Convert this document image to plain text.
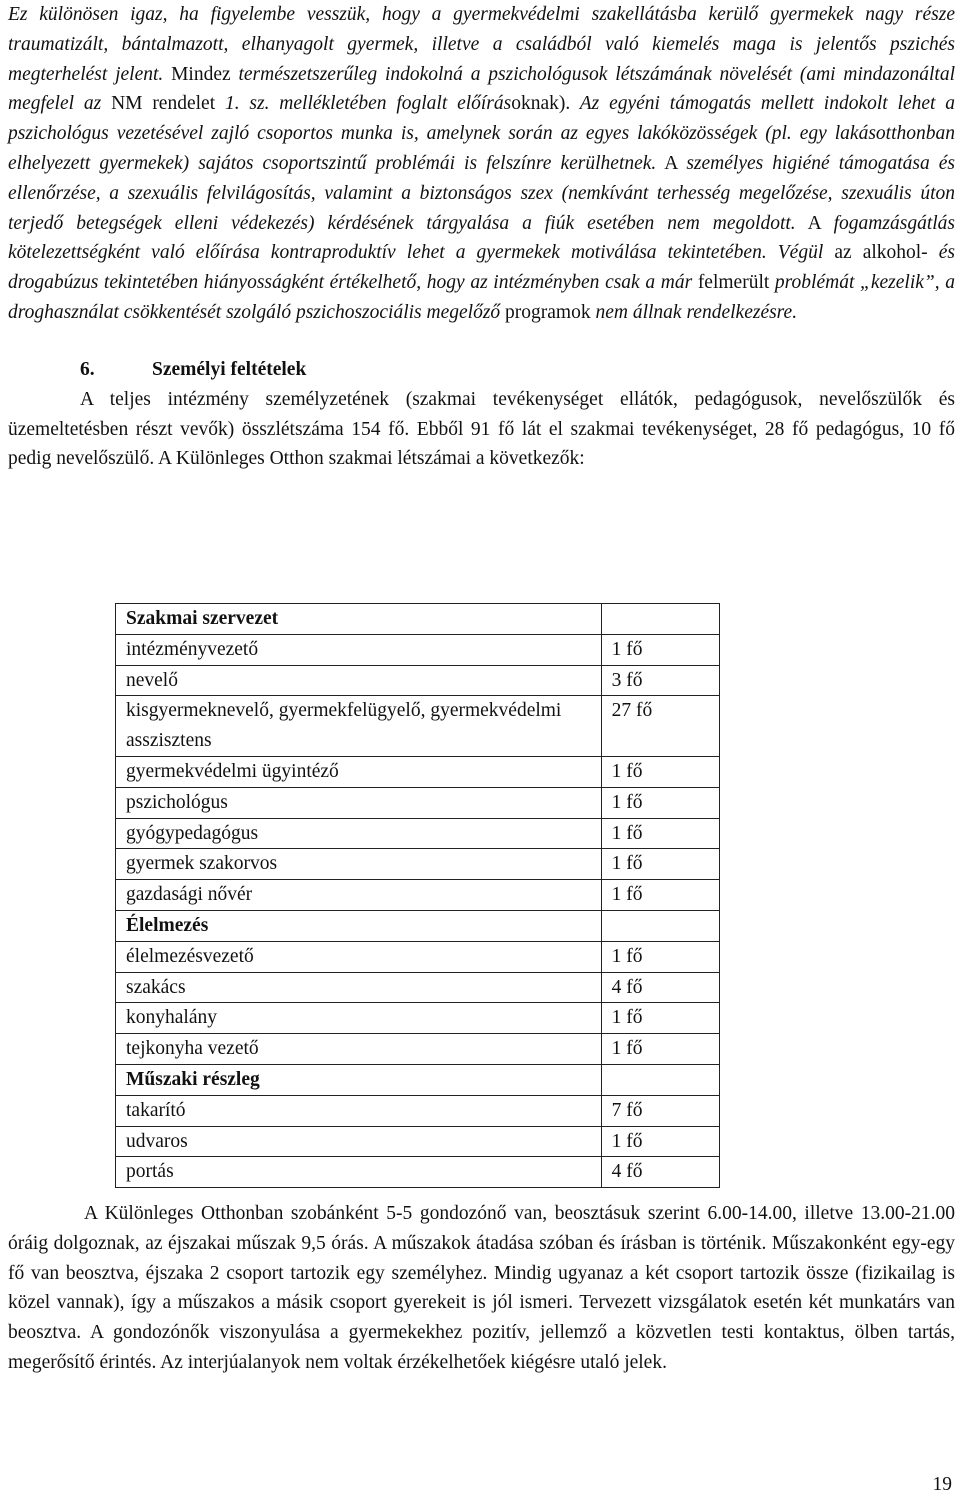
Ez különösen igaz, ha figyelembe vesszük, hogy a gyermekvédelmi szakellátásba kerülő gyermekek nagy része traumatizált, bántalmazott, elhanyagolt gyermek, illetve a családból való kiemelés maga is jelentős pszichés megterhelést jelent. Mindez természetszerűleg indokolná a pszichológusok létszámának növelését (ami mindazonáltal megfelel az NM rendelet 1. sz. mellékletében foglalt előírásoknak). Az egyéni támogatás mellett indokolt lehet a pszichológus vezetésével zajló csoportos munka is, amelynek során az egyes lakóközösségek (pl. egy lakásotthonban elhelyezett gyermekek) sajátos csoportszintű problémái is felszínre kerülhetnek. A személyes higiéné támogatása és ellenőrzése, a szexuális felvilágosítás, valamint a biztonságos szex (nemkívánt terhesség megelőzése, szexuális úton terjedő betegségek elleni védekezés) kérdésének tárgyalása a fiúk esetében nem megoldott. A fogamzásgátlás kötelezettségként való előírása kontraproduktív lehet a gyermekek motiválása tekintetében. Végül az alkohol- és drogabúzus tekintetében hiányosságként értékelhető, hogy az intézményben csak a már felmerült problémát „kezelik”, a droghasználat csökkentését szolgáló pszichoszociális megelőző programok nem állnak rendelkezésre.

6.	Személyi feltételek

A teljes intézmény személyzetének (szakmai tevékenységet ellátók, pedagógusok, nevelőszülők és üzemeltetésben részt vevők) összlétszáma 154 fő. Ebből 91 fő lát el szakmai tevékenységet, 28 fő pedagógus, 10 fő pedig nevelőszülő. A Különleges Otthon szakmai létszámai a következők:

Szakmai szervezet	
intézményvezető	1 fő
nevelő	3 fő
kisgyermeknevelő, gyermekfelügyelő, gyermekvédelmi asszisztens	27 fő
gyermekvédelmi ügyintéző	1 fő
pszichológus	1 fő
gyógypedagógus	1 fő
gyermek szakorvos	1 fő
gazdasági nővér	1 fő
Élelmezés	
élelmezésvezető	1 fő
szakács	4 fő
konyhalány	1 fő
tejkonyha vezető	1 fő
Műszaki részleg	
takarító	7 fő
udvaros	1 fő
portás	4 fő

A Különleges Otthonban szobánként 5-5 gondozónő van, beosztásuk szerint 6.00-14.00, illetve 13.00-21.00 óráig dolgoznak, az éjszakai műszak 9,5 órás. A műszakok átadása szóban és írásban is történik. Műszakonként egy-egy fő van beosztva, éjszaka 2 csoport tartozik egy személyhez. Mindig ugyanaz a két csoport tartozik össze (fizikailag is közel vannak), így a műszakos a másik csoport gyerekeit is jól ismeri. Tervezett vizsgálatok esetén két munkatárs van beosztva. A gondozónők viszonyulása a gyermekekhez pozitív, jellemző a közvetlen testi kontaktus, ölben tartás, megerősítő érintés. Az interjúalanyok nem voltak érzékelhetőek kiégésre utaló jelek.

19
